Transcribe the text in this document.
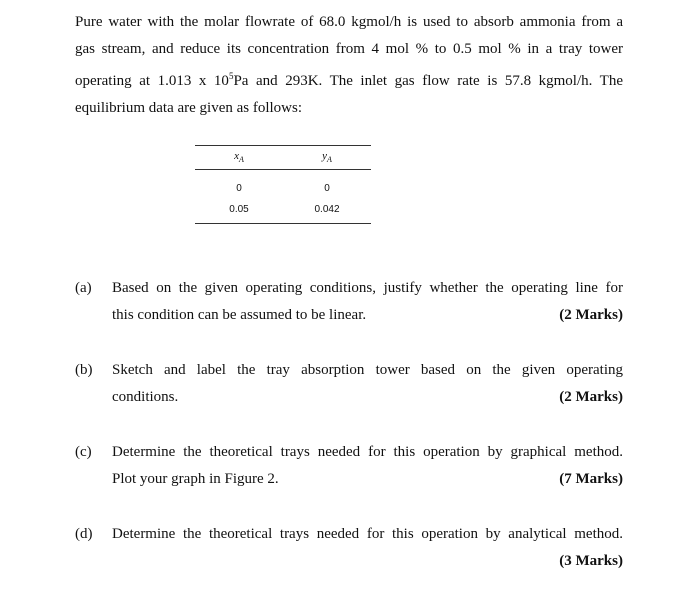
Pure water with the molar flowrate of 68.0 kgmol/h is used to absorb ammonia from a
gas stream, and reduce its concentration from 4 mol % to 0.5 mol % in a tray tower
operating at 1.013 x $10^5Pa$ and 293K. The inlet gas flow rate is 57.8 kgmol/h. The
equilibrium data are given as follows:
$x_A$	$y_A$
0	0
0.05	0.042
(a) Based on the given operating conditions, justify whether the operating line for
this condition can be assumed to be linear.	(2 Marks)
(b) Sketch and label the tray absorption tower based on the given operating
conditions.	(2 Marks)
(c) Determine the theoretical trays needed for this operation by graphical method.
Plot your graph in Figure 2.	(7 Marks)
(d) Determine the theoretical trays needed for this operation by analytical method.
(3 Marks)
